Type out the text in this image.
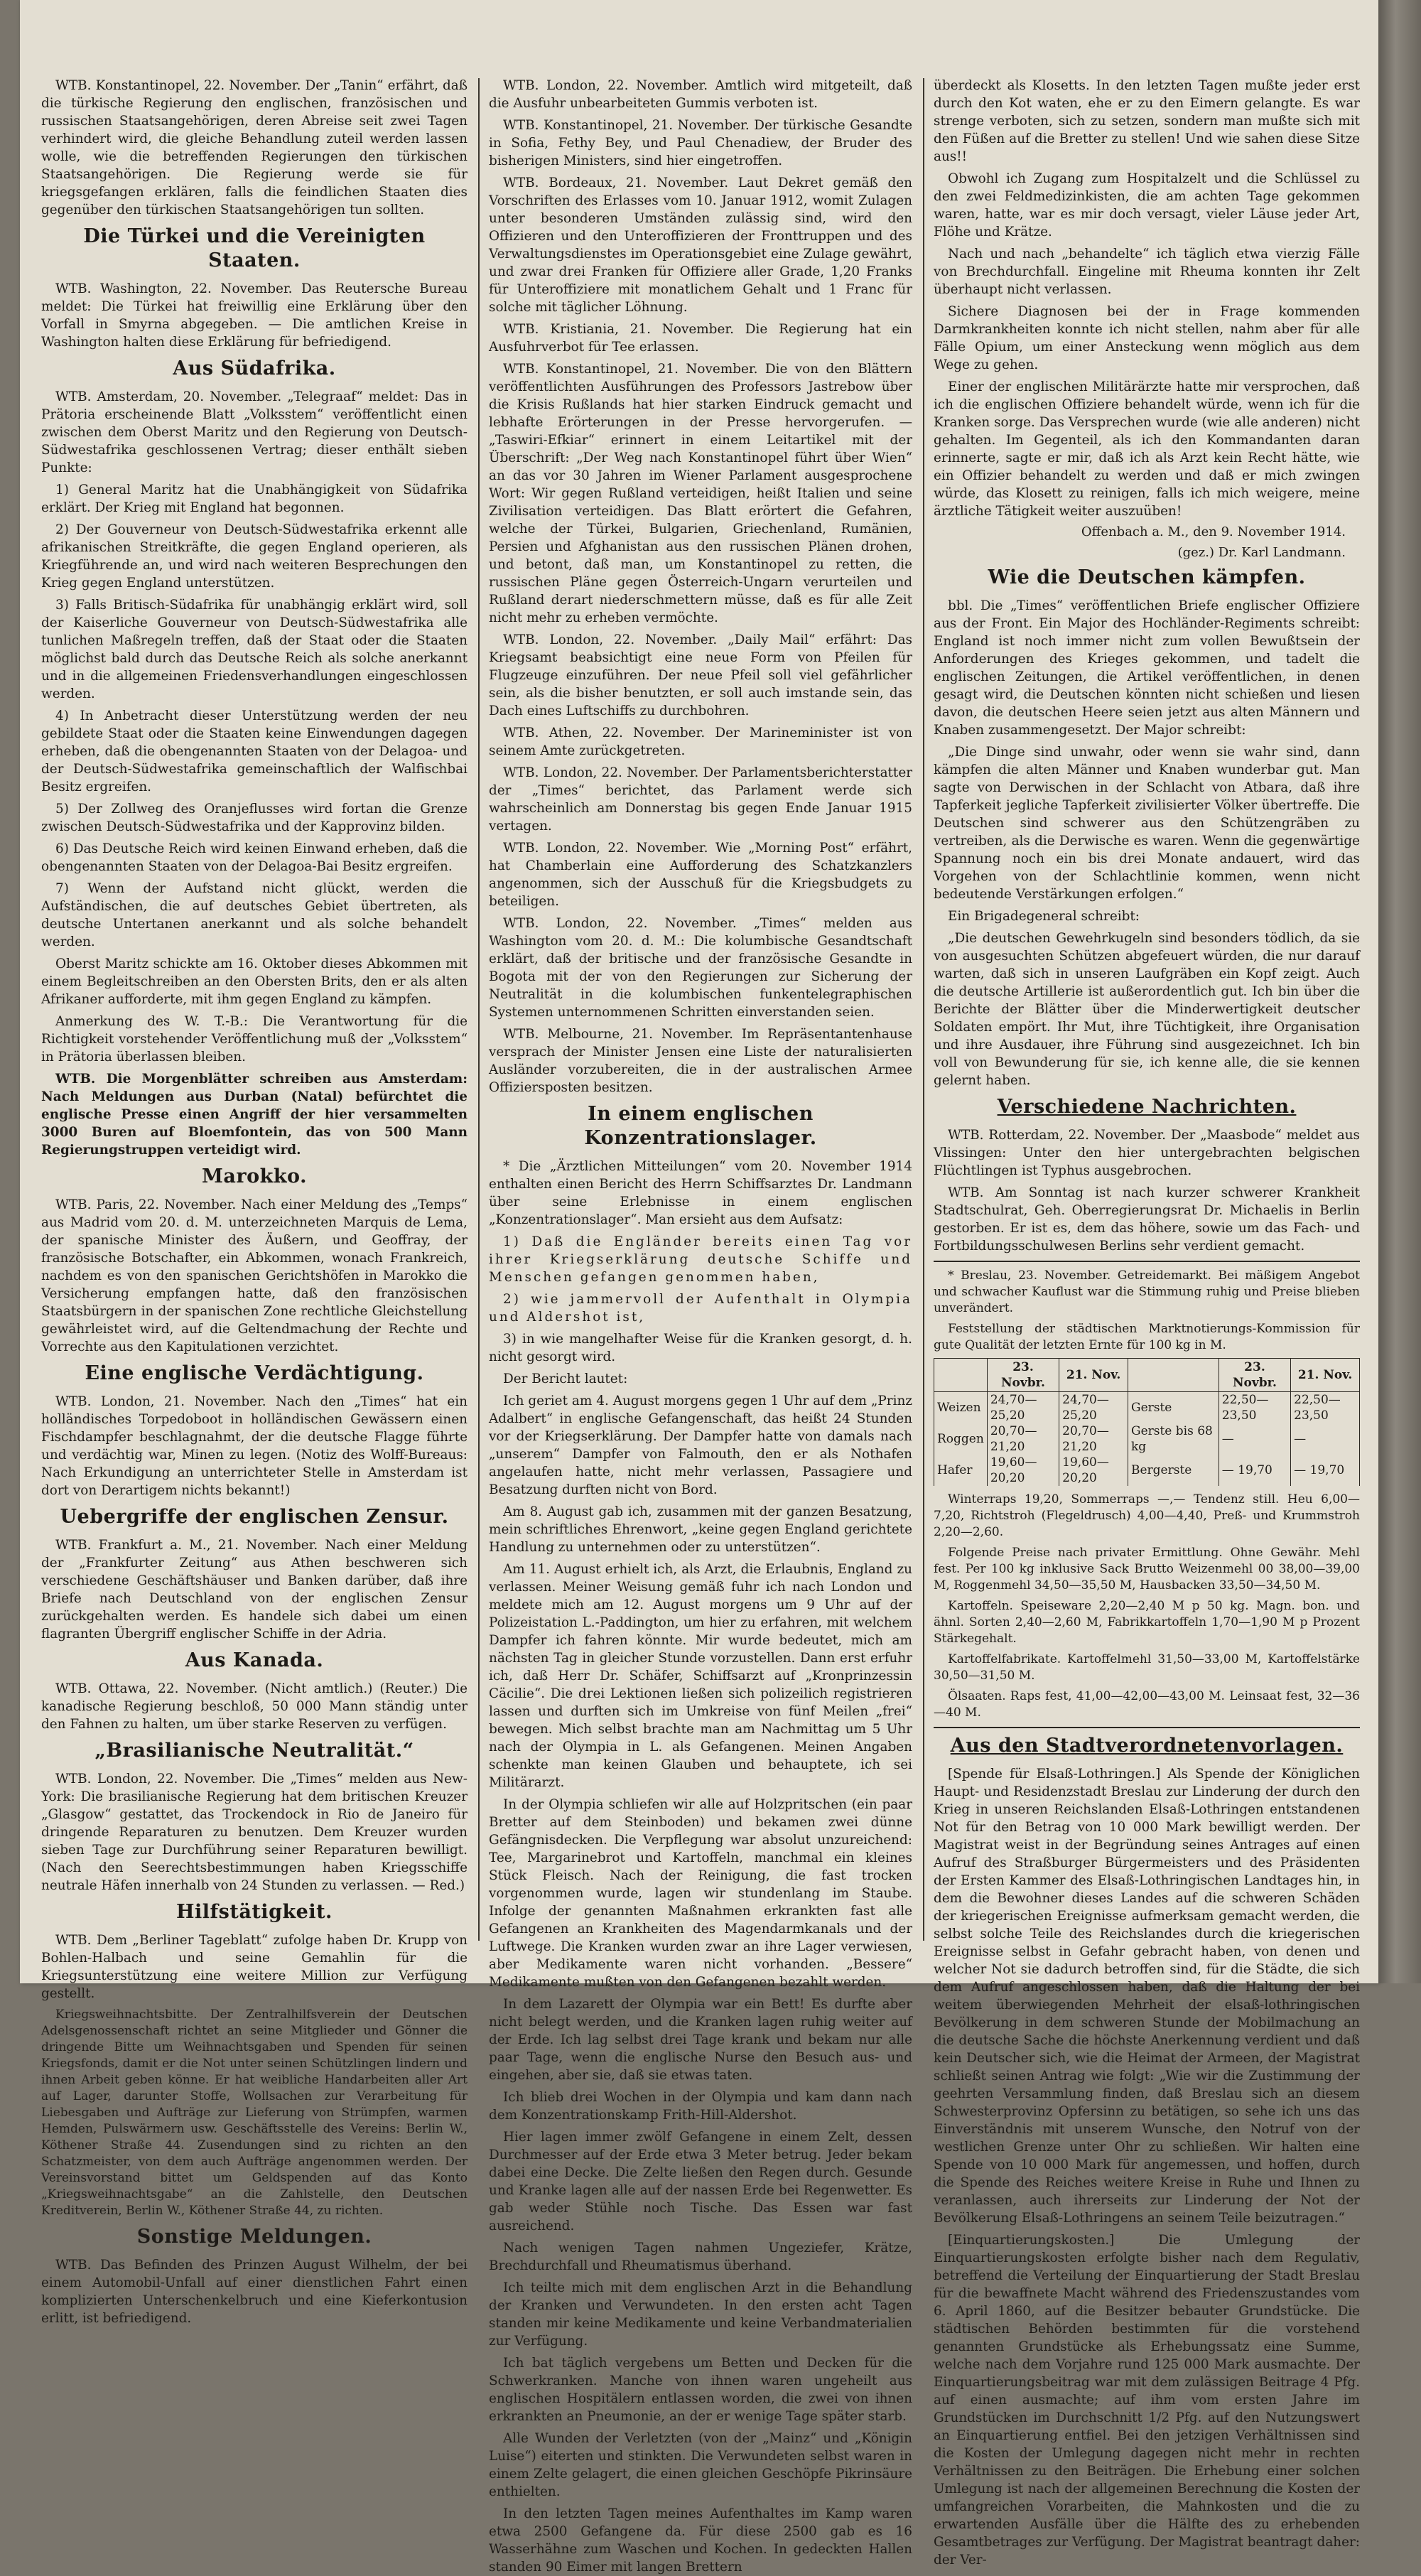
WTB. Konstantinopel, 22. November. Der „Tanin“ erfährt, daß die türkische Regierung den englischen, französischen und russischen Staatsangehörigen, deren Abreise seit zwei Tagen verhindert wird, die gleiche Behandlung zuteil werden lassen wolle, wie die betreffenden Regierungen den türkischen Staatsangehörigen. Die Regierung werde sie für kriegsgefangen erklären, falls die feindlichen Staaten dies gegenüber den türkischen Staatsangehörigen tun sollten.

Die Türkei und die Vereinigten Staaten.

WTB. Washington, 22. November. Das Reutersche Bureau meldet: Die Türkei hat freiwillig eine Erklärung über den Vorfall in Smyrna abgegeben. — Die amtlichen Kreise in Washington halten diese Erklärung für befriedigend.

Aus Südafrika.

WTB. Amsterdam, 20. November. „Telegraaf“ meldet: Das in Prätoria erscheinende Blatt „Volksstem“ veröffentlicht einen zwischen dem Oberst Maritz und den Regierung von Deutsch-Südwestafrika geschlossenen Vertrag; dieser enthält sieben Punkte:

1) General Maritz hat die Unabhängigkeit von Südafrika erklärt. Der Krieg mit England hat begonnen.

2) Der Gouverneur von Deutsch-Südwestafrika erkennt alle afrikanischen Streitkräfte, die gegen England operieren, als Kriegführende an, und wird nach weiteren Besprechungen den Krieg gegen England unterstützen.

3) Falls Britisch-Südafrika für unabhängig erklärt wird, soll der Kaiserliche Gouverneur von Deutsch-Südwestafrika alle tunlichen Maßregeln treffen, daß der Staat oder die Staaten möglichst bald durch das Deutsche Reich als solche anerkannt und in die allgemeinen Friedensverhandlungen eingeschlossen werden.

4) In Anbetracht dieser Unterstützung werden der neu gebildete Staat oder die Staaten keine Einwendungen dagegen erheben, daß die obengenannten Staaten von der Delagoa- und der Deutsch-Südwestafrika gemeinschaftlich der Walfischbai Besitz ergreifen.

5) Der Zollweg des Oranjeflusses wird fortan die Grenze zwischen Deutsch-Südwestafrika und der Kapprovinz bilden.

6) Das Deutsche Reich wird keinen Einwand erheben, daß die obengenannten Staaten von der Delagoa-Bai Besitz ergreifen.

7) Wenn der Aufstand nicht glückt, werden die Aufständischen, die auf deutsches Gebiet übertreten, als deutsche Untertanen anerkannt und als solche behandelt werden.

Oberst Maritz schickte am 16. Oktober dieses Abkommen mit einem Begleitschreiben an den Obersten Brits, den er als alten Afrikaner aufforderte, mit ihm gegen England zu kämpfen.

Anmerkung des W. T.-B.: Die Verantwortung für die Richtigkeit vorstehender Veröffentlichung muß der „Volksstem“ in Prätoria überlassen bleiben.

WTB. Die Morgenblätter schreiben aus Amsterdam: Nach Meldungen aus Durban (Natal) befürchtet die englische Presse einen Angriff der hier versammelten 3000 Buren auf Bloemfontein, das von 500 Mann Regierungstruppen verteidigt wird.

Marokko.

WTB. Paris, 22. November. Nach einer Meldung des „Temps“ aus Madrid vom 20. d. M. unterzeichneten Marquis de Lema, der spanische Minister des Äußern, und Geoffray, der französische Botschafter, ein Abkommen, wonach Frankreich, nachdem es von den spanischen Gerichtshöfen in Marokko die Versicherung empfangen hatte, daß den französischen Staatsbürgern in der spanischen Zone rechtliche Gleichstellung gewährleistet wird, auf die Geltendmachung der Rechte und Vorrechte aus den Kapitulationen verzichtet.

Eine englische Verdächtigung.

WTB. London, 21. November. Nach den „Times“ hat ein holländisches Torpedoboot in holländischen Gewässern einen Fischdampfer beschlagnahmt, der die deutsche Flagge führte und verdächtig war, Minen zu legen. (Notiz des Wolff-Bureaus: Nach Erkundigung an unterrichteter Stelle in Amsterdam ist dort von Derartigem nichts bekannt!)

Uebergriffe der englischen Zensur.

WTB. Frankfurt a. M., 21. November. Nach einer Meldung der „Frankfurter Zeitung“ aus Athen beschweren sich verschiedene Geschäftshäuser und Banken darüber, daß ihre Briefe nach Deutschland von der englischen Zensur zurückgehalten werden. Es handele sich dabei um einen flagranten Übergriff englischer Schiffe in der Adria.

Aus Kanada.

WTB. Ottawa, 22. November. (Nicht amtlich.) (Reuter.) Die kanadische Regierung beschloß, 50 000 Mann ständig unter den Fahnen zu halten, um über starke Reserven zu verfügen.

„Brasilianische Neutralität.“

WTB. London, 22. November. Die „Times“ melden aus New-York: Die brasilianische Regierung hat dem britischen Kreuzer „Glasgow“ gestattet, das Trockendock in Rio de Janeiro für dringende Reparaturen zu benutzen. Dem Kreuzer wurden sieben Tage zur Durchführung seiner Reparaturen bewilligt. (Nach den Seerechtsbestimmungen haben Kriegsschiffe neutrale Häfen innerhalb von 24 Stunden zu verlassen. — Red.)

Hilfstätigkeit.

WTB. Dem „Berliner Tageblatt“ zufolge haben Dr. Krupp von Bohlen-Halbach und seine Gemahlin für die Kriegsunterstützung eine weitere Million zur Verfügung gestellt.

Kriegsweihnachtsbitte. Der Zentralhilfsverein der Deutschen Adelsgenossenschaft richtet an seine Mitglieder und Gönner die dringende Bitte um Weihnachtsgaben und Spenden für seinen Kriegsfonds, damit er die Not unter seinen Schützlingen lindern und ihnen Arbeit geben könne. Er hat weibliche Handarbeiten aller Art auf Lager, darunter Stoffe, Wollsachen zur Verarbeitung für Liebesgaben und Aufträge zur Lieferung von Strümpfen, warmen Hemden, Pulswärmern usw. Geschäftsstelle des Vereins: Berlin W., Köthener Straße 44. Zusendungen sind zu richten an den Schatzmeister, von dem auch Aufträge angenommen werden. Der Vereinsvorstand bittet um Geldspenden auf das Konto „Kriegsweihnachtsgabe“ an die Zahlstelle, den Deutschen Kreditverein, Berlin W., Köthener Straße 44, zu richten.

Sonstige Meldungen.

WTB. Das Befinden des Prinzen August Wilhelm, der bei einem Automobil-Unfall auf einer dienstlichen Fahrt einen komplizierten Unterschenkelbruch und eine Kieferkontusion erlitt, ist befriedigend.

WTB. London, 22. November. Amtlich wird mitgeteilt, daß die Ausfuhr unbearbeiteten Gummis verboten ist.

WTB. Konstantinopel, 21. November. Der türkische Gesandte in Sofia, Fethy Bey, und Paul Chenadiew, der Bruder des bisherigen Ministers, sind hier eingetroffen.

WTB. Bordeaux, 21. November. Laut Dekret gemäß den Vorschriften des Erlasses vom 10. Januar 1912, womit Zulagen unter besonderen Umständen zulässig sind, wird den Offizieren und den Unteroffizieren der Fronttruppen und des Verwaltungsdienstes im Operationsgebiet eine Zulage gewährt, und zwar drei Franken für Offiziere aller Grade, 1,20 Franks für Unteroffiziere mit monatlichem Gehalt und 1 Franc für solche mit täglicher Löhnung.

WTB. Kristiania, 21. November. Die Regierung hat ein Ausfuhrverbot für Tee erlassen.

WTB. Konstantinopel, 21. November. Die von den Blättern veröffentlichten Ausführungen des Professors Jastrebow über die Krisis Rußlands hat hier starken Eindruck gemacht und lebhafte Erörterungen in der Presse hervorgerufen. — „Taswiri-Efkiar“ erinnert in einem Leitartikel mit der Überschrift: „Der Weg nach Konstantinopel führt über Wien“ an das vor 30 Jahren im Wiener Parlament ausgesprochene Wort: Wir gegen Rußland verteidigen, heißt Italien und seine Zivilisation verteidigen. Das Blatt erörtert die Gefahren, welche der Türkei, Bulgarien, Griechenland, Rumänien, Persien und Afghanistan aus den russischen Plänen drohen, und betont, daß man, um Konstantinopel zu retten, die russischen Pläne gegen Österreich-Ungarn verurteilen und Rußland derart niederschmettern müsse, daß es für alle Zeit nicht mehr zu erheben vermöchte.

WTB. London, 22. November. „Daily Mail“ erfährt: Das Kriegsamt beabsichtigt eine neue Form von Pfeilen für Flugzeuge einzuführen. Der neue Pfeil soll viel gefährlicher sein, als die bisher benutzten, er soll auch imstande sein, das Dach eines Luftschiffs zu durchbohren.

WTB. Athen, 22. November. Der Marineminister ist von seinem Amte zurückgetreten.

WTB. London, 22. November. Der Parlamentsberichterstatter der „Times“ berichtet, das Parlament werde sich wahrscheinlich am Donnerstag bis gegen Ende Januar 1915 vertagen.

WTB. London, 22. November. Wie „Morning Post“ erfährt, hat Chamberlain eine Aufforderung des Schatzkanzlers angenommen, sich der Ausschuß für die Kriegsbudgets zu beteiligen.

WTB. London, 22. November. „Times“ melden aus Washington vom 20. d. M.: Die kolumbische Gesandtschaft erklärt, daß der britische und der französische Gesandte in Bogota mit der von den Regierungen zur Sicherung der Neutralität in die kolumbischen funkentelegraphischen Systemen unternommenen Schritten einverstanden seien.

WTB. Melbourne, 21. November. Im Repräsentantenhause versprach der Minister Jensen eine Liste der naturalisierten Ausländer vorzubereiten, die in der australischen Armee Offiziersposten besitzen.

In einem englischen Konzentrationslager.

* Die „Ärztlichen Mitteilungen“ vom 20. November 1914 enthalten einen Bericht des Herrn Schiffsarztes Dr. Landmann über seine Erlebnisse in einem englischen „Konzentrationslager“. Man ersieht aus dem Aufsatz:

1) Daß die Engländer bereits einen Tag vor ihrer Kriegserklärung deutsche Schiffe und Menschen gefangen genommen haben,

2) wie jammervoll der Aufenthalt in Olympia und Aldershot ist,

3) in wie mangelhafter Weise für die Kranken gesorgt, d. h. nicht gesorgt wird.

Der Bericht lautet:

Ich geriet am 4. August morgens gegen 1 Uhr auf dem „Prinz Adalbert“ in englische Gefangenschaft, das heißt 24 Stunden vor der Kriegserklärung. Der Dampfer hatte von damals nach „unserem“ Dampfer von Falmouth, den er als Nothafen angelaufen hatte, nicht mehr verlassen, Passagiere und Besatzung durften nicht von Bord.

Am 8. August gab ich, zusammen mit der ganzen Besatzung, mein schriftliches Ehrenwort, „keine gegen England gerichtete Handlung zu unternehmen oder zu unterstützen“.

Am 11. August erhielt ich, als Arzt, die Erlaubnis, England zu verlassen. Meiner Weisung gemäß fuhr ich nach London und meldete mich am 12. August morgens um 9 Uhr auf der Polizeistation L.-Paddington, um hier zu erfahren, mit welchem Dampfer ich fahren könnte. Mir wurde bedeutet, mich am nächsten Tag in gleicher Stunde vorzustellen. Dann erst erfuhr ich, daß Herr Dr. Schäfer, Schiffsarzt auf „Kronprinzessin Cäcilie“. Die drei Lektionen ließen sich polizeilich registrieren lassen und durften sich im Umkreise von fünf Meilen „frei“ bewegen. Mich selbst brachte man am Nachmittag um 5 Uhr nach der Olympia in L. als Gefangenen. Meinen Angaben schenkte man keinen Glauben und behauptete, ich sei Militärarzt.

In der Olympia schliefen wir alle auf Holzpritschen (ein paar Bretter auf dem Steinboden) und bekamen zwei dünne Gefängnisdecken. Die Verpflegung war absolut unzureichend: Tee, Margarinebrot und Kartoffeln, manchmal ein kleines Stück Fleisch. Nach der Reinigung, die fast trocken vorgenommen wurde, lagen wir stundenlang im Staube. Infolge der genannten Maßnahmen erkrankten fast alle Gefangenen an Krankheiten des Magendarmkanals und der Luftwege. Die Kranken wurden zwar an ihre Lager verwiesen, aber Medikamente waren nicht vorhanden. „Bessere“ Medikamente mußten von den Gefangenen bezahlt werden.

In dem Lazarett der Olympia war ein Bett! Es durfte aber nicht belegt werden, und die Kranken lagen ruhig weiter auf der Erde. Ich lag selbst drei Tage krank und bekam nur alle paar Tage, wenn die englische Nurse den Besuch aus- und eingehen, aber sie, daß sie etwas taten.

Ich blieb drei Wochen in der Olympia und kam dann nach dem Konzentrationskamp Frith-Hill-Aldershot.

Hier lagen immer zwölf Gefangene in einem Zelt, dessen Durchmesser auf der Erde etwa 3 Meter betrug. Jeder bekam dabei eine Decke. Die Zelte ließen den Regen durch. Gesunde und Kranke lagen alle auf der nassen Erde bei Regenwetter. Es gab weder Stühle noch Tische. Das Essen war fast ausreichend.

Nach wenigen Tagen nahmen Ungeziefer, Krätze, Brechdurchfall und Rheumatismus überhand.

Ich teilte mich mit dem englischen Arzt in die Behandlung der Kranken und Verwundeten. In den ersten acht Tagen standen mir keine Medikamente und keine Verbandmaterialien zur Verfügung.

Ich bat täglich vergebens um Betten und Decken für die Schwerkranken. Manche von ihnen waren ungeheilt aus englischen Hospitälern entlassen worden, die zwei von ihnen erkrankten an Pneumonie, an der er wenige Tage später starb.

Alle Wunden der Verletzten (von der „Mainz“ und „Königin Luise“) eiterten und stinkten. Die Verwundeten selbst waren in einem Zelte gelagert, die einen gleichen Geschöpfe Pikrinsäure enthielten.

In den letzten Tagen meines Aufenthaltes im Kamp waren etwa 2500 Gefangene da. Für diese 2500 gab es 16 Wasserhähne zum Waschen und Kochen. In gedeckten Hallen standen 90 Eimer mit langen Brettern

überdeckt als Klosetts. In den letzten Tagen mußte jeder erst durch den Kot waten, ehe er zu den Eimern gelangte. Es war strenge verboten, sich zu setzen, sondern man mußte sich mit den Füßen auf die Bretter zu stellen! Und wie sahen diese Sitze aus!!

Obwohl ich Zugang zum Hospitalzelt und die Schlüssel zu den zwei Feldmedizinkisten, die am achten Tage gekommen waren, hatte, war es mir doch versagt, vieler Läuse jeder Art, Flöhe und Krätze.

Nach und nach „behandelte“ ich täglich etwa vierzig Fälle von Brechdurchfall. Eingeline mit Rheuma konnten ihr Zelt überhaupt nicht verlassen.

Sichere Diagnosen bei der in Frage kommenden Darmkrankheiten konnte ich nicht stellen, nahm aber für alle Fälle Opium, um einer Ansteckung wenn möglich aus dem Wege zu gehen.

Einer der englischen Militärärzte hatte mir versprochen, daß ich die englischen Offiziere behandelt würde, wenn ich für die Kranken sorge. Das Versprechen wurde (wie alle anderen) nicht gehalten. Im Gegenteil, als ich den Kommandanten daran erinnerte, sagte er mir, daß ich als Arzt kein Recht hätte, wie ein Offizier behandelt zu werden und daß er mich zwingen würde, das Klosett zu reinigen, falls ich mich weigere, meine ärztliche Tätigkeit weiter auszuüben!

Offenbach a. M., den 9. November 1914.
(gez.) Dr. Karl Landmann.
Wie die Deutschen kämpfen.

bbl. Die „Times“ veröffentlichen Briefe englischer Offiziere aus der Front. Ein Major des Hochländer-Regiments schreibt: England ist noch immer nicht zum vollen Bewußtsein der Anforderungen des Krieges gekommen, und tadelt die englischen Zeitungen, die Artikel veröffentlichen, in denen gesagt wird, die Deutschen könnten nicht schießen und liesen davon, die deutschen Heere seien jetzt aus alten Männern und Knaben zusammengesetzt. Der Major schreibt:

„Die Dinge sind unwahr, oder wenn sie wahr sind, dann kämpfen die alten Männer und Knaben wunderbar gut. Man sagte von Derwischen in der Schlacht von Atbara, daß ihre Tapferkeit jegliche Tapferkeit zivilisierter Völker übertreffe. Die Deutschen sind schwerer aus den Schützengräben zu vertreiben, als die Derwische es waren. Wenn die gegenwärtige Spannung noch ein bis drei Monate andauert, wird das Vorgehen von der Schlachtlinie kommen, wenn nicht bedeutende Verstärkungen erfolgen.“

Ein Brigadegeneral schreibt:

„Die deutschen Gewehrkugeln sind besonders tödlich, da sie von ausgesuchten Schützen abgefeuert würden, die nur darauf warten, daß sich in unseren Laufgräben ein Kopf zeigt. Auch die deutsche Artillerie ist außerordentlich gut. Ich bin über die Berichte der Blätter über die Minderwertigkeit deutscher Soldaten empört. Ihr Mut, ihre Tüchtigkeit, ihre Organisation und ihre Ausdauer, ihre Führung sind ausgezeichnet. Ich bin voll von Bewunderung für sie, ich kenne alle, die sie kennen gelernt haben.

Verschiedene Nachrichten.

WTB. Rotterdam, 22. November. Der „Maasbode“ meldet aus Vlissingen: Unter den hier untergebrachten belgischen Flüchtlingen ist Typhus ausgebrochen.

WTB. Am Sonntag ist nach kurzer schwerer Krankheit Stadtschulrat, Geh. Oberregierungsrat Dr. Michaelis in Berlin gestorben. Er ist es, dem das höhere, sowie um das Fach- und Fortbildungsschulwesen Berlins sehr verdient gemacht.

* Breslau, 23. November. Getreidemarkt. Bei mäßigem Angebot und schwacher Kauflust war die Stimmung ruhig und Preise blieben unverändert.

Feststellung der städtischen Marktnotierungs-Kommission für gute Qualität der letzten Ernte für 100 kg in M.

	23. Novbr.	21. Nov.		23. Novbr.	21. Nov.
Weizen	24,70—25,20	24,70—25,20	Gerste	22,50—23,50	22,50—23,50
Roggen	20,70—21,20	20,70—21,20	Gerste bis 68 kg	—	—
Hafer	19,60—20,20	19,60—20,20	Bergerste	— 19,70	— 19,70

Winterraps 19,20, Sommerraps —,— Tendenz still. Heu 6,00—7,20, Richtstroh (Flegeldrusch) 4,00—4,40, Preß- und Krummstroh 2,20—2,60.

Folgende Preise nach privater Ermittlung. Ohne Gewähr. Mehl fest. Per 100 kg inklusive Sack Brutto Weizenmehl 00 38,00—39,00 M, Roggenmehl 34,50—35,50 M, Hausbacken 33,50—34,50 M.

Kartoffeln. Speiseware 2,20—2,40 M p 50 kg. Magn. bon. und ähnl. Sorten 2,40—2,60 M, Fabrikkartoffeln 1,70—1,90 M p Prozent Stärkegehalt.

Kartoffelfabrikate. Kartoffelmehl 31,50—33,00 M, Kartoffelstärke 30,50—31,50 M.

Ölsaaten. Raps fest, 41,00—42,00—43,00 M. Leinsaat fest, 32—36—40 M.

Aus den Stadtverordnetenvorlagen.

[Spende für Elsaß-Lothringen.] Als Spende der Königlichen Haupt- und Residenzstadt Breslau zur Linderung der durch den Krieg in unseren Reichslanden Elsaß-Lothringen entstandenen Not für den Betrag von 10 000 Mark bewilligt werden. Der Magistrat weist in der Begründung seines Antrages auf einen Aufruf des Straßburger Bürgermeisters und des Präsidenten der Ersten Kammer des Elsaß-Lothringischen Landtages hin, in dem die Bewohner dieses Landes auf die schweren Schäden der kriegerischen Ereignisse aufmerksam gemacht werden, die selbst solche Teile des Reichslandes durch die kriegerischen Ereignisse selbst in Gefahr gebracht haben, von denen und welcher Not sie dadurch betroffen sind, für die Städte, die sich dem Aufruf angeschlossen haben, daß die Haltung der bei weitem überwiegenden Mehrheit der elsaß-lothringischen Bevölkerung in dem schweren Stunde der Mobilmachung an die deutsche Sache die höchste Anerkennung verdient und daß kein Deutscher sich, wie die Heimat der Armeen, der Magistrat schließt seinen Antrag wie folgt: „Wie wir die Zustimmung der geehrten Versammlung finden, daß Breslau sich an diesem Schwesterprovinz Opfersinn zu betätigen, so sehe ich uns das Einverständnis mit unserem Wunsche, den Notruf von der westlichen Grenze unter Ohr zu schließen. Wir halten eine Spende von 10 000 Mark für angemessen, und hoffen, durch die Spende des Reiches weitere Kreise in Ruhe und Ihnen zu veranlassen, auch ihrerseits zur Linderung der Not der Bevölkerung Elsaß-Lothringens an seinem Teile beizutragen.“

[Einquartierungskosten.] Die Umlegung der Einquartierungskosten erfolgte bisher nach dem Regulativ, betreffend die Verteilung der Einquartierung der Stadt Breslau für die bewaffnete Macht während des Friedenszustandes vom 6. April 1860, auf die Besitzer bebauter Grundstücke. Die städtischen Behörden bestimmten für die vorstehend genannten Grundstücke als Erhebungssatz eine Summe, welche nach dem Vorjahre rund 125 000 Mark ausmachte. Der Einquartierungsbeitrag war mit dem zulässigen Beitrage 4 Pfg. auf einen ausmachte; auf ihm vom ersten Jahre im Grundstücken im Durchschnitt 1/2 Pfg. auf den Nutzungswert an Einquartierung entfiel. Bei den jetzigen Verhältnissen sind die Kosten der Umlegung dagegen nicht mehr in rechten Verhältnissen zu den Beiträgen. Die Erhebung einer solchen Umlegung ist nach der allgemeinen Berechnung die Kosten der umfangreichen Vorarbeiten, die Mahnkosten und die zu erwartenden Ausfälle über die Hälfte des zu erhebenden Gesamtbetrages zur Verfügung. Der Magistrat beantragt daher: der Ver-
